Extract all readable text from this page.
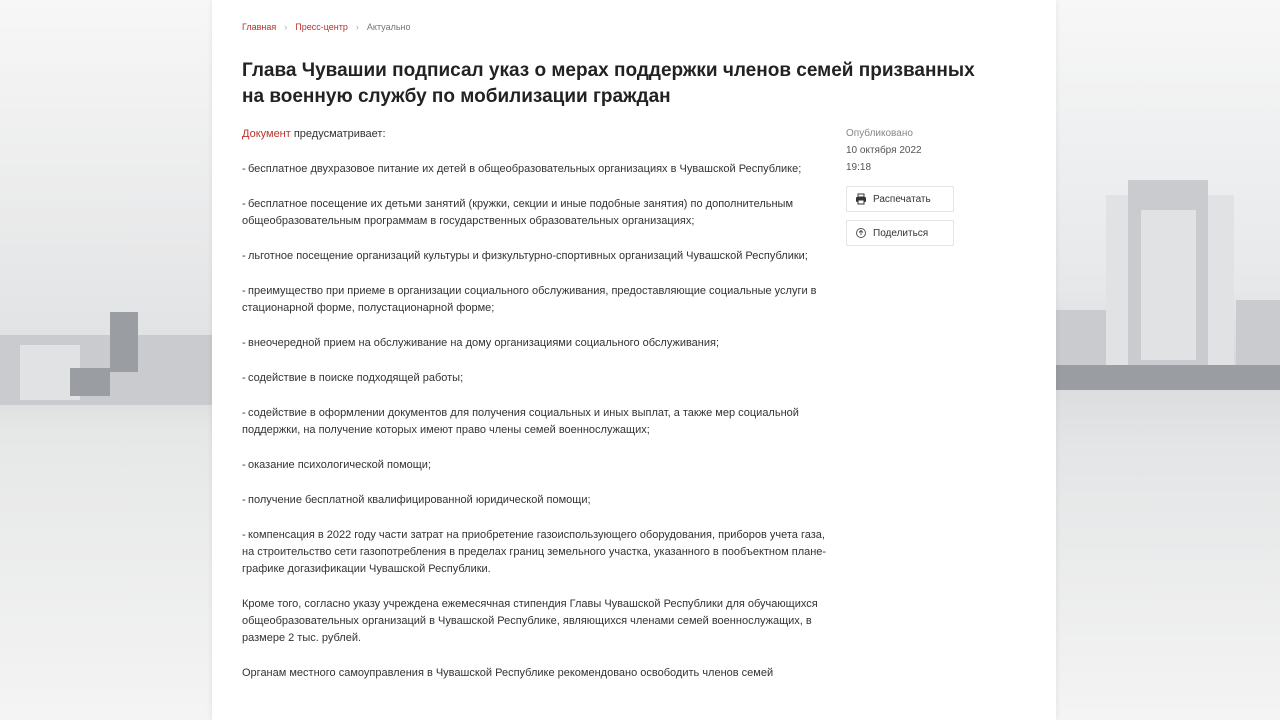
Главная › Пресс-центр › Актуально
Глава Чувашии подписал указ о мерах поддержки членов семей призванных на военную службу по мобилизации граждан

Документ предусматривает:

- бесплатное двухразовое питание их детей в общеобразовательных организациях в Чувашской Республике;

- бесплатное посещение их детьми занятий (кружки, секции и иные подобные занятия) по дополнительным общеобразовательным программам в государственных образовательных организациях;

- льготное посещение организаций культуры и физкультурно-спортивных организаций Чувашской Республики;

- преимущество при приеме в организации социального обслуживания, предоставляющие социальные услуги в стационарной форме, полустационарной форме;

- внеочередной прием на обслуживание на дому организациями социального обслуживания;

- содействие в поиске подходящей работы;

- содействие в оформлении документов для получения социальных и иных выплат, а также мер социальной поддержки, на получение которых имеют право члены семей военнослужащих;

- оказание психологической помощи;

- получение бесплатной квалифицированной юридической помощи;

- компенсация в 2022 году части затрат на приобретение газоиспользующего оборудования, приборов учета газа, на строительство сети газопотребления в пределах границ земельного участка, указанного в пообъектном плане-графике догазификации Чувашской Республики.

Кроме того, согласно указу учреждена ежемесячная стипендия Главы Чувашской Республики для обучающихся общеобразовательных организаций в Чувашской Республике, являющихся членами семей военнослужащих, в размере 2 тыс. рублей.

Органам местного самоуправления в Чувашской Республике рекомендовано освободить членов семей

Опубликовано
10 октября 2022
19:18
Распечатать
Поделиться
